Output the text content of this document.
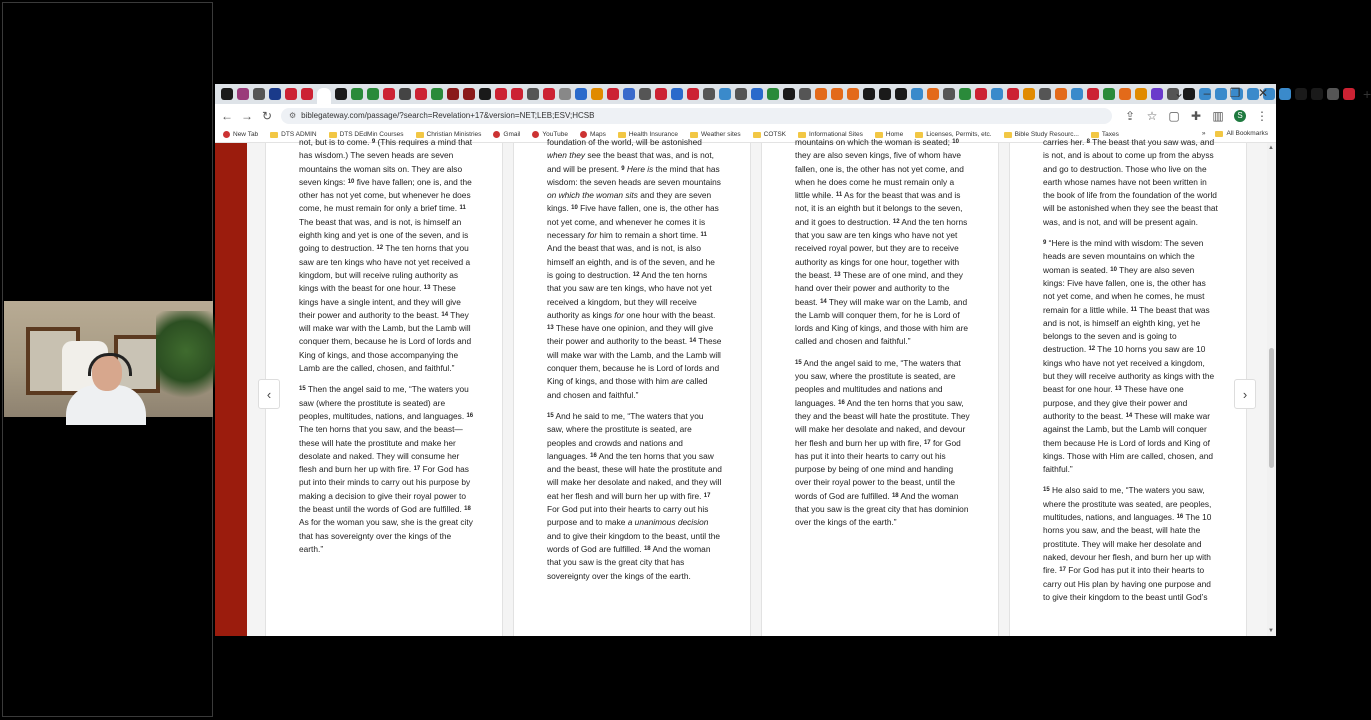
+
⌄	–	❐ ✕
← → ↻ ⚙ biblegateway.com/passage/?search=Revelation+17&version=NET;LEB;ESV;HCSB	⇪ ☆ ▢ ✚ ▥	S ⋮
New Tab	DTS ADMIN	DTS DEdMin Courses	Christian Ministries	Gmail	YouTube	Maps	Health Insurance	Weather sites	COTSK	Informational Sites	Home	Licenses, Permits, etc.	Bible Study Resourc...	Taxes	»	All Bookmarks

not, but is to come. $^9$ (This requires a mind that has wisdom.) The seven heads are seven mountains the woman sits on. They are also seven kings: $^{10}$ five have fallen; one is, and the other has not yet come, but whenever he does come, he must remain for only a brief time. $^{11}$ The beast that was, and is not, is himself an eighth king and yet is one of the seven, and is going to destruction. $^{12}$ The ten horns that you saw are ten kings who have not yet received a kingdom, but will receive ruling authority as kings with the beast for one hour. $^{13}$ These kings have a single intent, and they will give their power and authority to the beast. $^{14}$ They will make war with the Lamb, but the Lamb will conquer them, because he is Lord of lords and King of kings, and those accompanying the Lamb are the called, chosen, and faithful.”

$^{15}$ Then the angel said to me, “The waters you saw (where the prostitute is seated) are peoples, multitudes, nations, and languages. $^{16}$ The ten horns that you saw, and the beast—these will hate the prostitute and make her desolate and naked. They will consume her flesh and burn her up with fire. $^{17}$ For God has put into their minds to carry out his purpose by making a decision to give their royal power to the beast until the words of God are fulfilled. $^{18}$ As for the woman you saw, she is the great city that has sovereignty over the kings of the earth.”

foundation of the world, will be astonished when they see the beast that was, and is not, and will be present. $^9$ Here is the mind that has wisdom: the seven heads are seven mountains on which the woman sits and they are seven kings. $^{10}$ Five have fallen, one is, the other has not yet come, and whenever he comes it is necessary for him to remain a short time. $^{11}$ And the beast that was, and is not, is also himself an eighth, and is of the seven, and he is going to destruction. $^{12}$ And the ten horns that you saw are ten kings, who have not yet received a kingdom, but they will receive authority as kings for one hour with the beast. $^{13}$ These have one opinion, and they will give their power and authority to the beast. $^{14}$ These will make war with the Lamb, and the Lamb will conquer them, because he is Lord of lords and King of kings, and those with him are called and chosen and faithful.”

$^{15}$ And he said to me, “The waters that you saw, where the prostitute is seated, are peoples and crowds and nations and languages. $^{16}$ And the ten horns that you saw and the beast, these will hate the prostitute and will make her desolate and naked, and they will eat her flesh and will burn her up with fire. $^{17}$ For God put into their hearts to carry out his purpose and to make a unanimous decision and to give their kingdom to the beast, until the words of God are fulfilled. $^{18}$ And the woman that you saw is the great city that has sovereignty over the kings of the earth.

mountains on which the woman is seated; $^{10}$ they are also seven kings, five of whom have fallen, one is, the other has not yet come, and when he does come he must remain only a little while. $^{11}$ As for the beast that was and is not, it is an eighth but it belongs to the seven, and it goes to destruction. $^{12}$ And the ten horns that you saw are ten kings who have not yet received royal power, but they are to receive authority as kings for one hour, together with the beast. $^{13}$ These are of one mind, and they hand over their power and authority to the beast. $^{14}$ They will make war on the Lamb, and the Lamb will conquer them, for he is Lord of lords and King of kings, and those with him are called and chosen and faithful.”

$^{15}$ And the angel said to me, “The waters that you saw, where the prostitute is seated, are peoples and multitudes and nations and languages. $^{16}$ And the ten horns that you saw, they and the beast will hate the prostitute. They will make her desolate and naked, and devour her flesh and burn her up with fire, $^{17}$ for God has put it into their hearts to carry out his purpose by being of one mind and handing over their royal power to the beast, until the words of God are fulfilled. $^{18}$ And the woman that you saw is the great city that has dominion over the kings of the earth.”

carries her. $^8$ The beast that you saw was, and is not, and is about to come up from the abyss and go to destruction. Those who live on the earth whose names have not been written in the book of life from the foundation of the world will be astonished when they see the beast that was, and is not, and will be present again.

$^9$ “Here is the mind with wisdom: The seven heads are seven mountains on which the woman is seated. $^{10}$ They are also seven kings: Five have fallen, one is, the other has not yet come, and when he comes, he must remain for a little while. $^{11}$ The beast that was and is not, is himself an eighth king, yet he belongs to the seven and is going to destruction. $^{12}$ The 10 horns you saw are 10 kings who have not yet received a kingdom, but they will receive authority as kings with the beast for one hour. $^{13}$ These have one purpose, and they give their power and authority to the beast. $^{14}$ These will make war against the Lamb, but the Lamb will conquer them because He is Lord of lords and King of kings. Those with Him are called, chosen, and faithful.”

$^{15}$ He also said to me, “The waters you saw, where the prostitute was seated, are peoples, multitudes, nations, and languages. $^{16}$ The 10 horns you saw, and the beast, will hate the prostitute. They will make her desolate and naked, devour her flesh, and burn her up with fire. $^{17}$ For God has put it into their hearts to carry out His plan by having one purpose and to give their kingdom to the beast until God’s

‹	›
▲
▼
